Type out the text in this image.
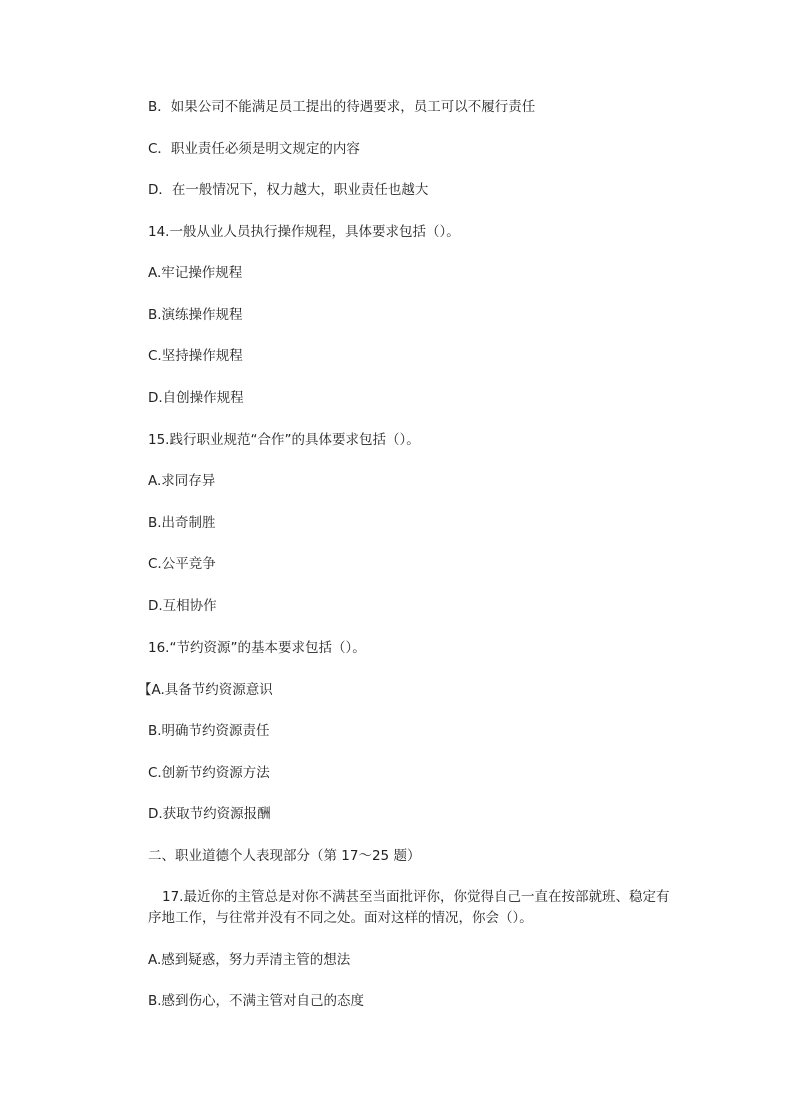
B．如果公司不能满足员工提出的待遇要求，员工可以不履行责任
C．职业责任必须是明文规定的内容
D．在一般情况下，权力越大，职业责任也越大
14.一般从业人员执行操作规程，具体要求包括（）。
A.牢记操作规程
B.演练操作规程
C.坚持操作规程
D.自创操作规程
15.践行职业规范“合作”的具体要求包括（）。
A.求同存异
B.出奇制胜
C.公平竞争
D.互相协作
16.“节约资源”的基本要求包括（）。
【A.具备节约资源意识
B.明确节约资源责任
C.创新节约资源方法
D.获取节约资源报酬
二、职业道德个人表现部分（第 17～25 题）
17.最近你的主管总是对你不满甚至当面批评你，你觉得自己一直在按部就班、稳定有
序地工作，与往常并没有不同之处。面对这样的情况，你会（）。
A.感到疑惑，努力弄清主管的想法
B.感到伤心，不满主管对自己的态度
